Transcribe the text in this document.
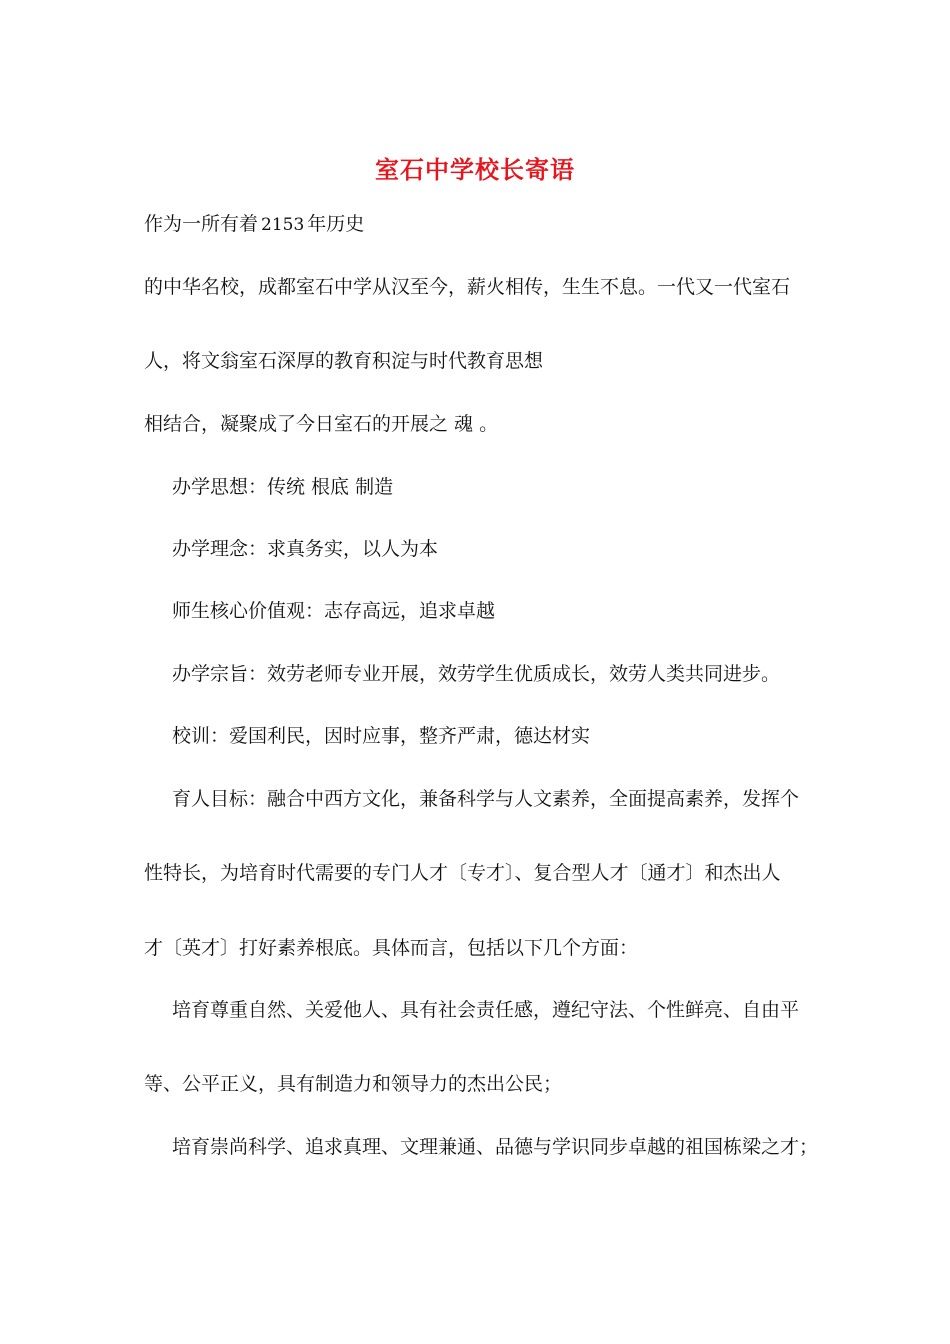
室石中学校长寄语
作为一所有着 2153 年历史
的中华名校，成都室石中学从汉至今，薪火相传，生生不息。一代又一代室石
人，将文翁室石深厚的教育积淀与时代教育思想
相结合，凝聚成了今日室石的开展之 魂 。
办学思想：传统 根底 制造
办学理念：求真务实，以人为本
师生核心价值观：志存高远，追求卓越
办学宗旨：效劳老师专业开展，效劳学生优质成长，效劳人类共同进步。
校训：爱国利民，因时应事，整齐严肃，德达材实
育人目标：融合中西方文化，兼备科学与人文素养，全面提高素养，发挥个
性特长，为培育时代需要的专门人才〔专才〕、复合型人才〔通才〕和杰出人
才〔英才〕打好素养根底。具体而言，包括以下几个方面：
培育尊重自然、关爱他人、具有社会责任感，遵纪守法、个性鲜亮、自由平
等、公平正义，具有制造力和领导力的杰出公民；
培育崇尚科学、追求真理、文理兼通、品德与学识同步卓越的祖国栋梁之才；
